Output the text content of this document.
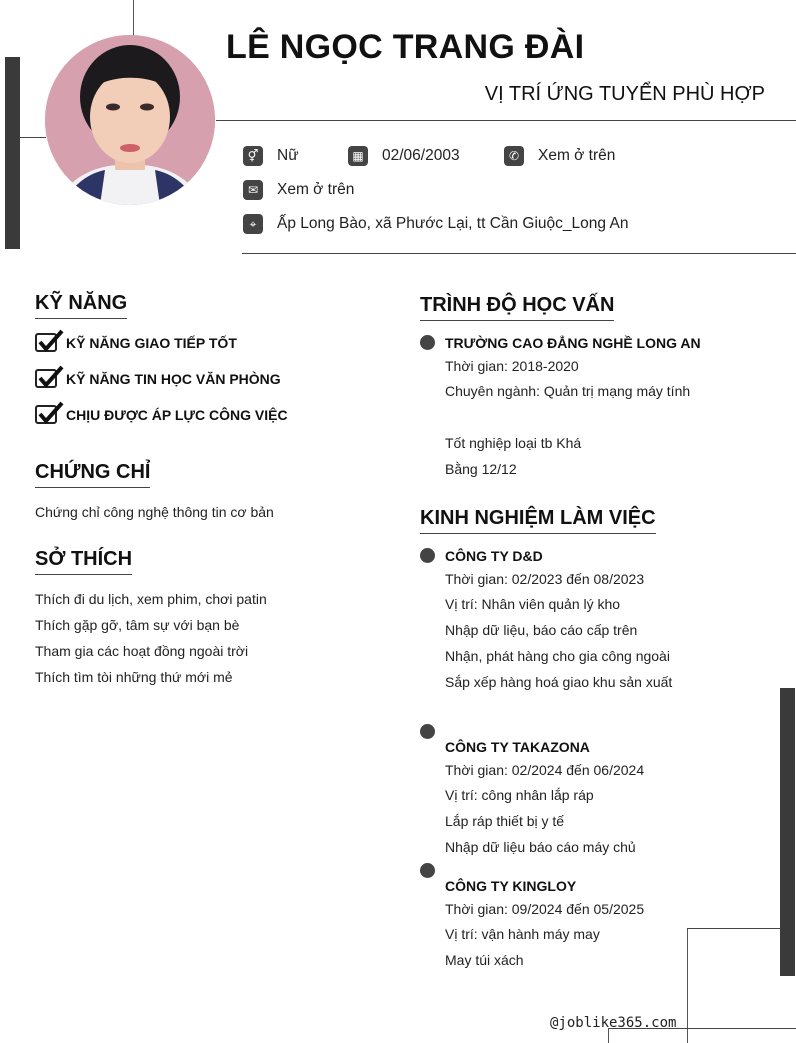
LÊ NGỌC TRANG ĐÀI
VỊ TRÍ ỨNG TUYỂN PHÙ HỢP
⚥ Nữ	▦ 02/06/2003	✆	Xem ở trên
✉	Xem ở trên
⌖	Ấp Long Bào, xã Phước Lại, tt Cần Giuộc_Long An
KỸ NĂNG
KỸ NĂNG GIAO TIẾP TỐT
KỸ NĂNG TIN HỌC VĂN PHÒNG
CHỊU ĐƯỢC ÁP LỰC CÔNG VIỆC
CHỨNG CHỈ
Chứng chỉ công nghệ thông tin cơ bản
SỞ THÍCH
Thích đi du lịch, xem phim, chơi patin
Thích gặp gỡ, tâm sự với bạn bè
Tham gia các hoạt đồng ngoài trời
Thích tìm tòi những thứ mới mẻ
TRÌNH ĐỘ HỌC VẤN
TRƯỜNG CAO ĐẲNG NGHỀ LONG AN
Thời gian: 2018-2020
Chuyên ngành: Quản trị mạng máy tính
Tốt nghiệp loại tb Khá
Bằng 12/12
KINH NGHIỆM LÀM VIỆC
CÔNG TY D&D
Thời gian: 02/2023 đến 08/2023
Vị trí: Nhân viên quản lý kho
Nhập dữ liệu, báo cáo cấp trên
Nhận, phát hàng cho gia công ngoài
Sắp xếp hàng hoá giao khu sản xuất
CÔNG TY TAKAZONA
Thời gian: 02/2024 đến 06/2024
Vị trí: công nhân lắp ráp
Lắp ráp thiết bị y tế
Nhập dữ liệu báo cáo máy chủ
CÔNG TY KINGLOY
Thời gian: 09/2024 đến 05/2025
Vị trí: vận hành máy may
May túi xách
@joblike365.com
